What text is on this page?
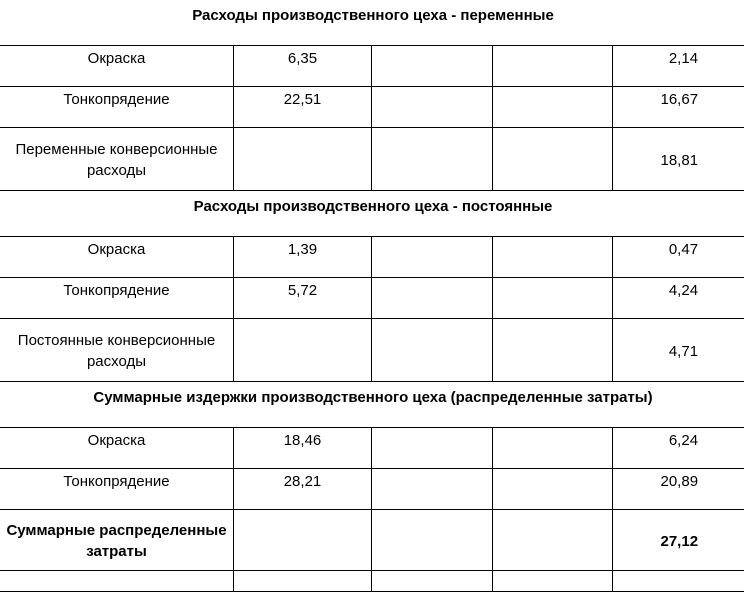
Расходы производственного цеха - переменные				
Окраска	6,35			2,14
Тонкопрядение	22,51			16,67
Переменные конверсионные расходы				18,81
Расходы производственного цеха - постоянные				
Окраска	1,39			0,47
Тонкопрядение	5,72			4,24
Постоянные конверсионные расходы				4,71
Суммарные издержки производственного цеха (распределенные затраты)				
Окраска	18,46			6,24
Тонкопрядение	28,21			20,89
Суммарные распределенные затраты				27,12
